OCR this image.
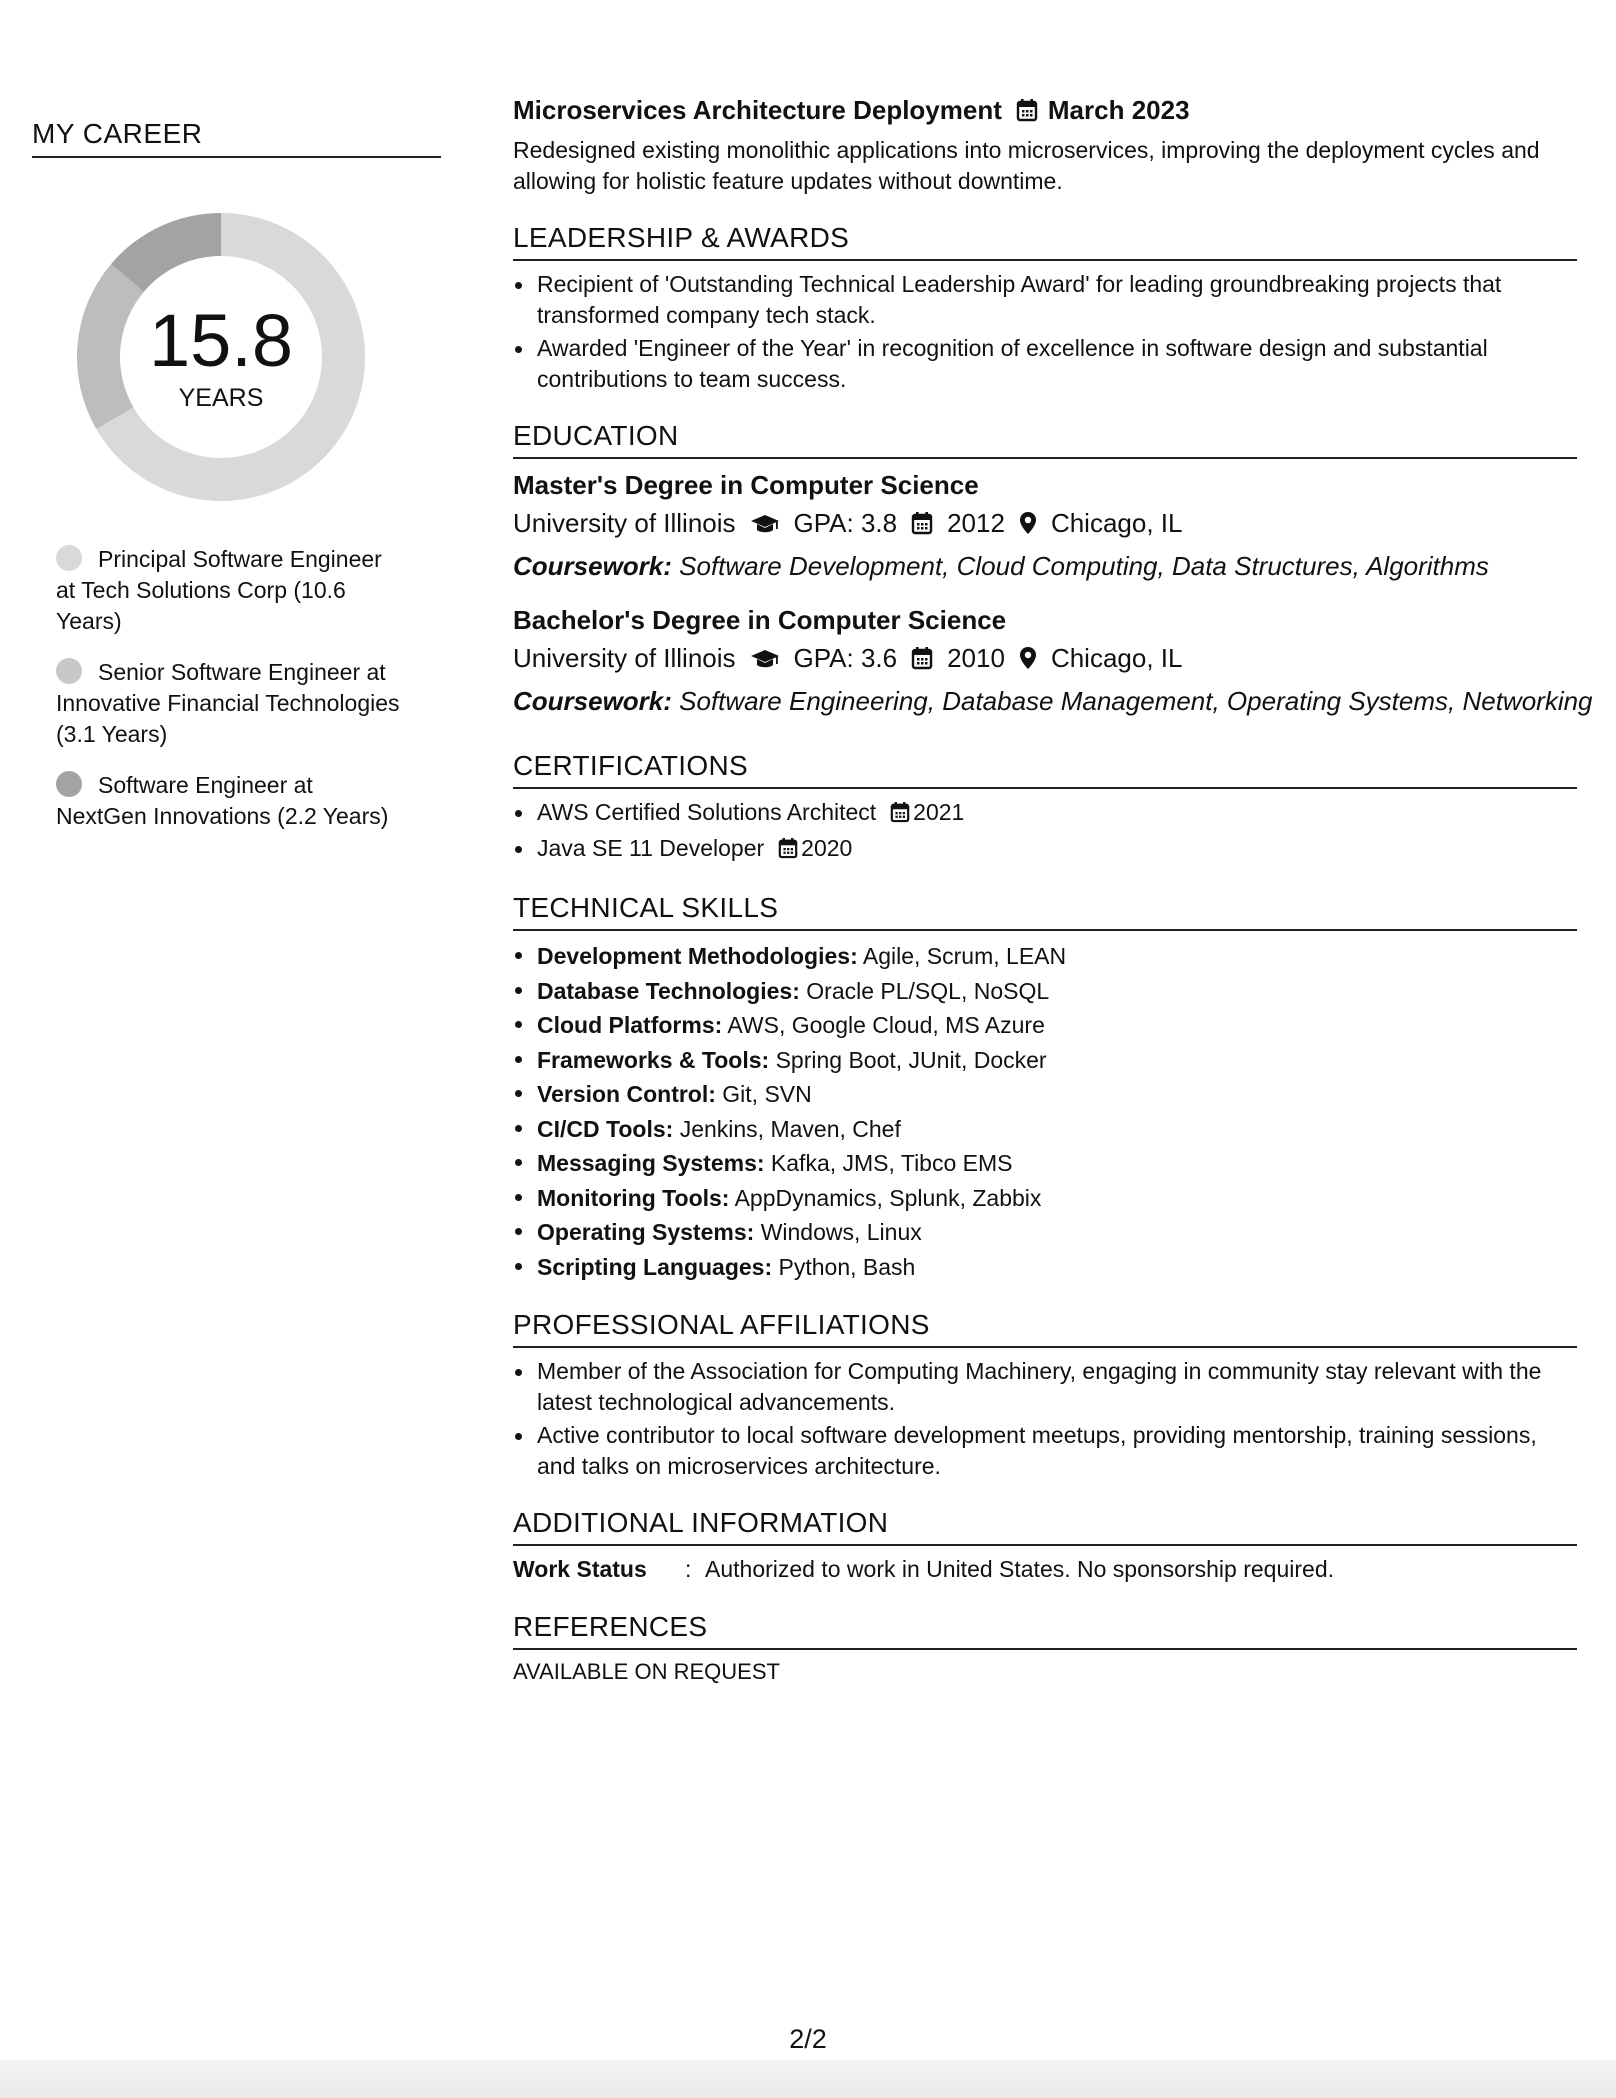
MY CAREER
15.8
YEARS
Principal Software Engineer at Tech Solutions Corp (10.6 Years)
Senior Software Engineer at Innovative Financial Technologies (3.1 Years)
Software Engineer at NextGen Innovations (2.2 Years)
Microservices Architecture Deployment March 2023
Redesigned existing monolithic applications into microservices, improving the deployment cycles and allowing for holistic feature updates without downtime.
LEADERSHIP & AWARDS
Recipient of 'Outstanding Technical Leadership Award' for leading groundbreaking projects that transformed company tech stack.
Awarded 'Engineer of the Year' in recognition of excellence in software design and substantial contributions to team success.
EDUCATION
Master's Degree in Computer Science
University of Illinois GPA: 3.8 2012 Chicago, IL
Coursework: Software Development, Cloud Computing, Data Structures, Algorithms
Bachelor's Degree in Computer Science
University of Illinois GPA: 3.6 2010 Chicago, IL
Coursework: Software Engineering, Database Management, Operating Systems, Networking
CERTIFICATIONS
AWS Certified Solutions Architect 2021
Java SE 11 Developer 2020
TECHNICAL SKILLS
Development Methodologies: Agile, Scrum, LEAN
Database Technologies: Oracle PL/SQL, NoSQL
Cloud Platforms: AWS, Google Cloud, MS Azure
Frameworks & Tools: Spring Boot, JUnit, Docker
Version Control: Git, SVN
CI/CD Tools: Jenkins, Maven, Chef
Messaging Systems: Kafka, JMS, Tibco EMS
Monitoring Tools: AppDynamics, Splunk, Zabbix
Operating Systems: Windows, Linux
Scripting Languages: Python, Bash
PROFESSIONAL AFFILIATIONS
Member of the Association for Computing Machinery, engaging in community stay relevant with the latest technological advancements.
Active contributor to local software development meetups, providing mentorship, training sessions, and talks on microservices architecture.
ADDITIONAL INFORMATION
Work Status : Authorized to work in United States. No sponsorship required.
REFERENCES
AVAILABLE ON REQUEST
2/2
